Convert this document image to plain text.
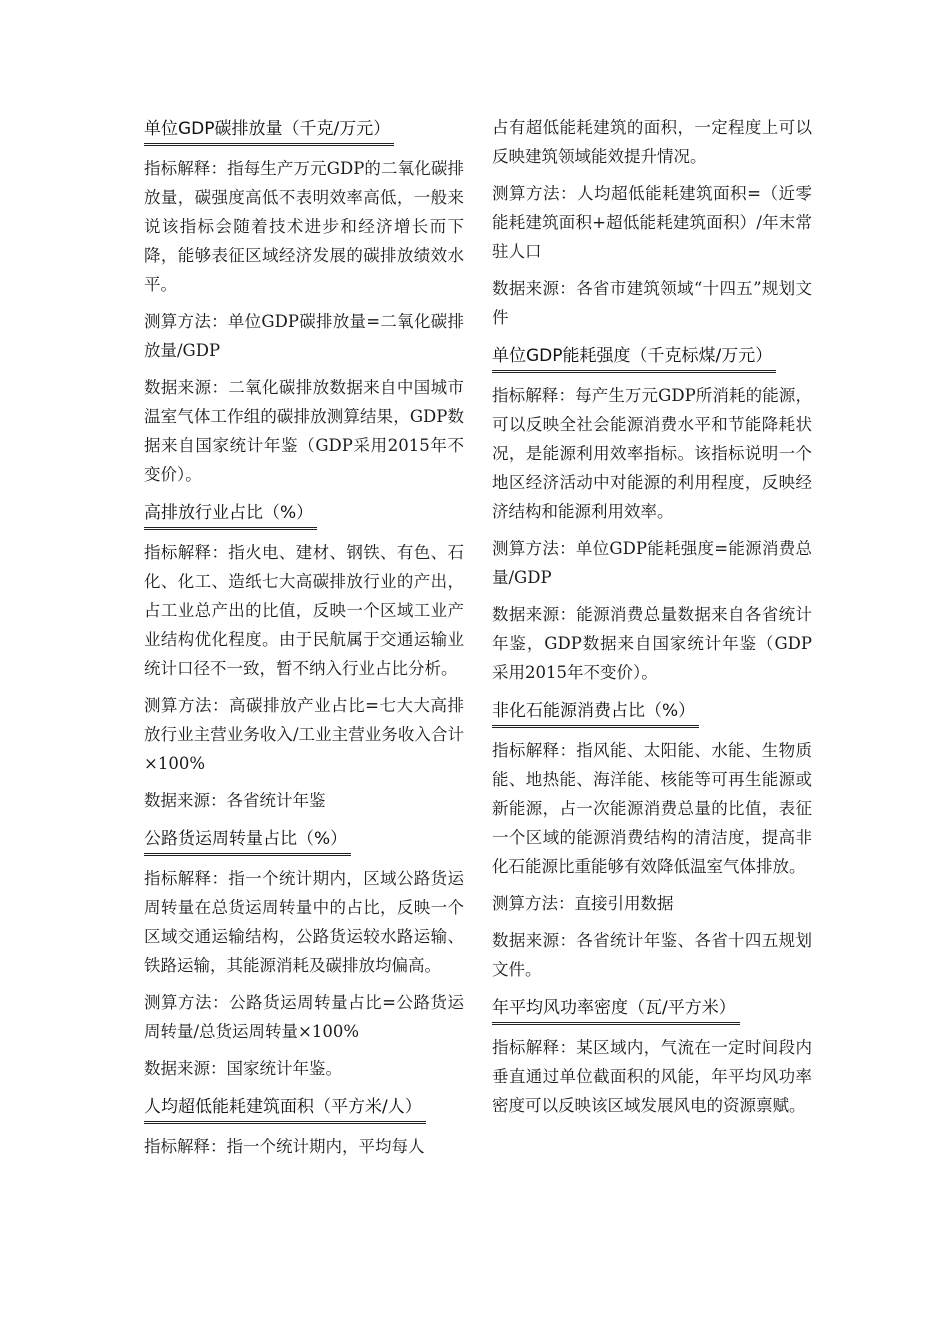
单位GDP碳排放量（千克/万元）

指标解释：指每生产万元GDP的二氧化碳排放量，碳强度高低不表明效率高低，一般来说该指标会随着技术进步和经济增长而下降，能够表征区域经济发展的碳排放绩效水平。

测算方法：单位GDP碳排放量=二氧化碳排放量/GDP

数据来源：二氧化碳排放数据来自中国城市温室气体工作组的碳排放测算结果，GDP数据来自国家统计年鉴（GDP采用2015年不变价）。

高排放行业占比（%）

指标解释：指火电、建材、钢铁、有色、石化、化工、造纸七大高碳排放行业的产出，占工业总产出的比值，反映一个区域工业产业结构优化程度。由于民航属于交通运输业统计口径不一致，暂不纳入行业占比分析。

测算方法：高碳排放产业占比=七大大高排放行业主营业务收入/工业主营业务收入合计×100%

数据来源：各省统计年鉴

公路货运周转量占比（%）

指标解释：指一个统计期内，区域公路货运周转量在总货运周转量中的占比，反映一个区域交通运输结构，公路货运较水路运输、铁路运输，其能源消耗及碳排放均偏高。

测算方法：公路货运周转量占比=公路货运周转量/总货运周转量×100%

数据来源：国家统计年鉴。

人均超低能耗建筑面积（平方米/人）

指标解释：指一个统计期内，平均每人

占有超低能耗建筑的面积，一定程度上可以反映建筑领域能效提升情况。

测算方法：人均超低能耗建筑面积=（近零能耗建筑面积+超低能耗建筑面积）/年末常驻人口

数据来源：各省市建筑领域“十四五”规划文件

单位GDP能耗强度（千克标煤/万元）

指标解释：每产生万元GDP所消耗的能源，可以反映全社会能源消费水平和节能降耗状况，是能源利用效率指标。该指标说明一个地区经济活动中对能源的利用程度，反映经济结构和能源利用效率。

测算方法：单位GDP能耗强度=能源消费总量/GDP

数据来源：能源消费总量数据来自各省统计年鉴，GDP数据来自国家统计年鉴（GDP采用2015年不变价）。

非化石能源消费占比（%）

指标解释：指风能、太阳能、水能、生物质能、地热能、海洋能、核能等可再生能源或新能源，占一次能源消费总量的比值，表征一个区域的能源消费结构的清洁度，提高非化石能源比重能够有效降低温室气体排放。

测算方法：直接引用数据

数据来源：各省统计年鉴、各省十四五规划文件。

年平均风功率密度（瓦/平方米）

指标解释：某区域内，气流在一定时间段内垂直通过单位截面积的风能，年平均风功率密度可以反映该区域发展风电的资源禀赋。
